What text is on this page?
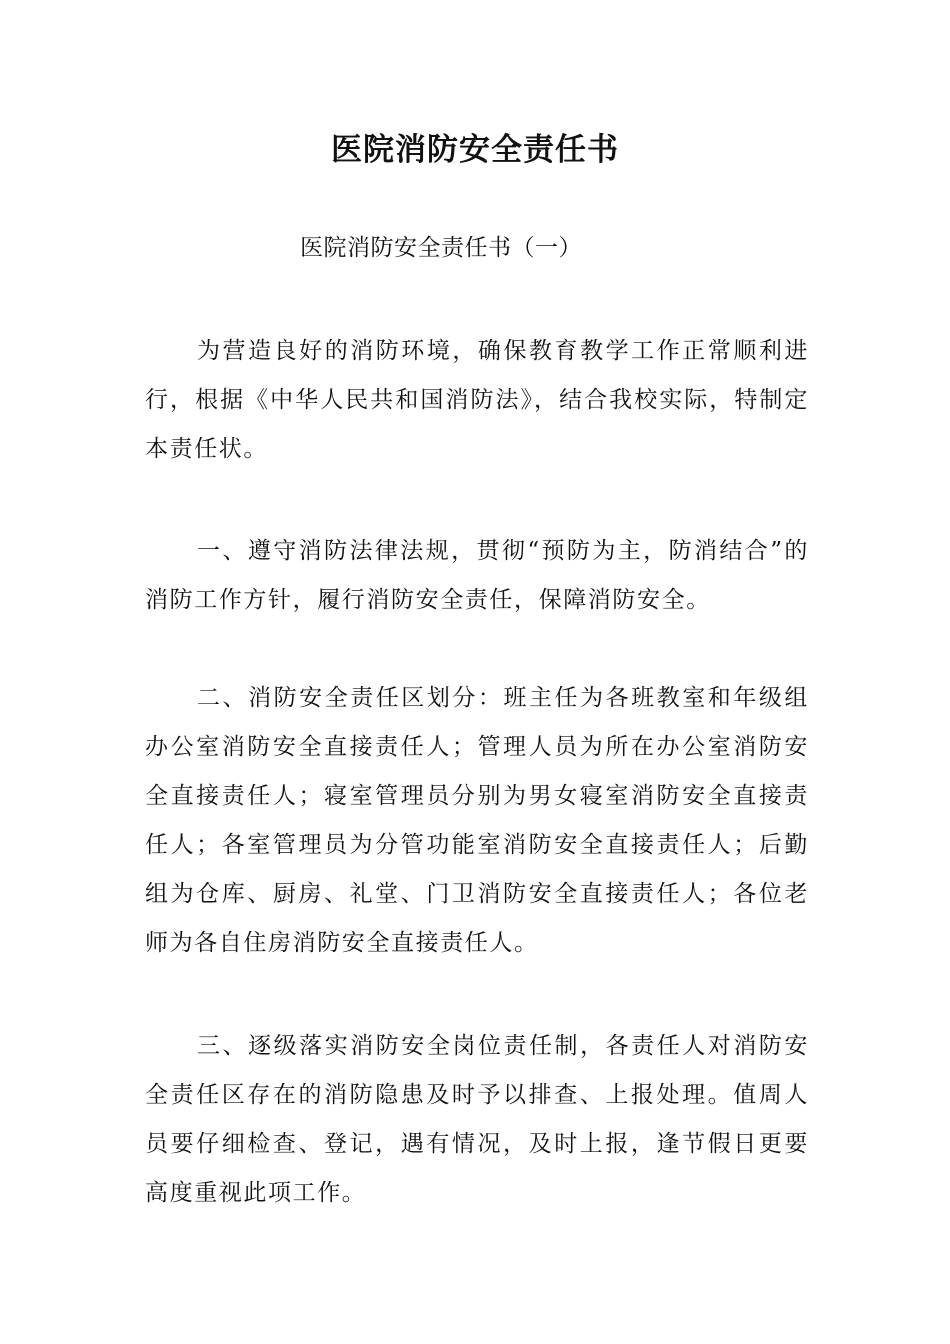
医院消防安全责任书
医院消防安全责任书（一）

为营造良好的消防环境，确保教育教学工作正常顺利进行，根据《中华人民共和国消防法》，结合我校实际，特制定本责任状。

一、遵守消防法律法规，贯彻“预防为主，防消结合”的消防工作方针，履行消防安全责任，保障消防安全。

二、消防安全责任区划分：班主任为各班教室和年级组办公室消防安全直接责任人；管理人员为所在办公室消防安全直接责任人；寝室管理员分别为男女寝室消防安全直接责任人；各室管理员为分管功能室消防安全直接责任人；后勤组为仓库、厨房、礼堂、门卫消防安全直接责任人；各位老师为各自住房消防安全直接责任人。

三、逐级落实消防安全岗位责任制，各责任人对消防安全责任区存在的消防隐患及时予以排查、上报处理。值周人员要仔细检查、登记，遇有情况，及时上报，逢节假日更要高度重视此项工作。
